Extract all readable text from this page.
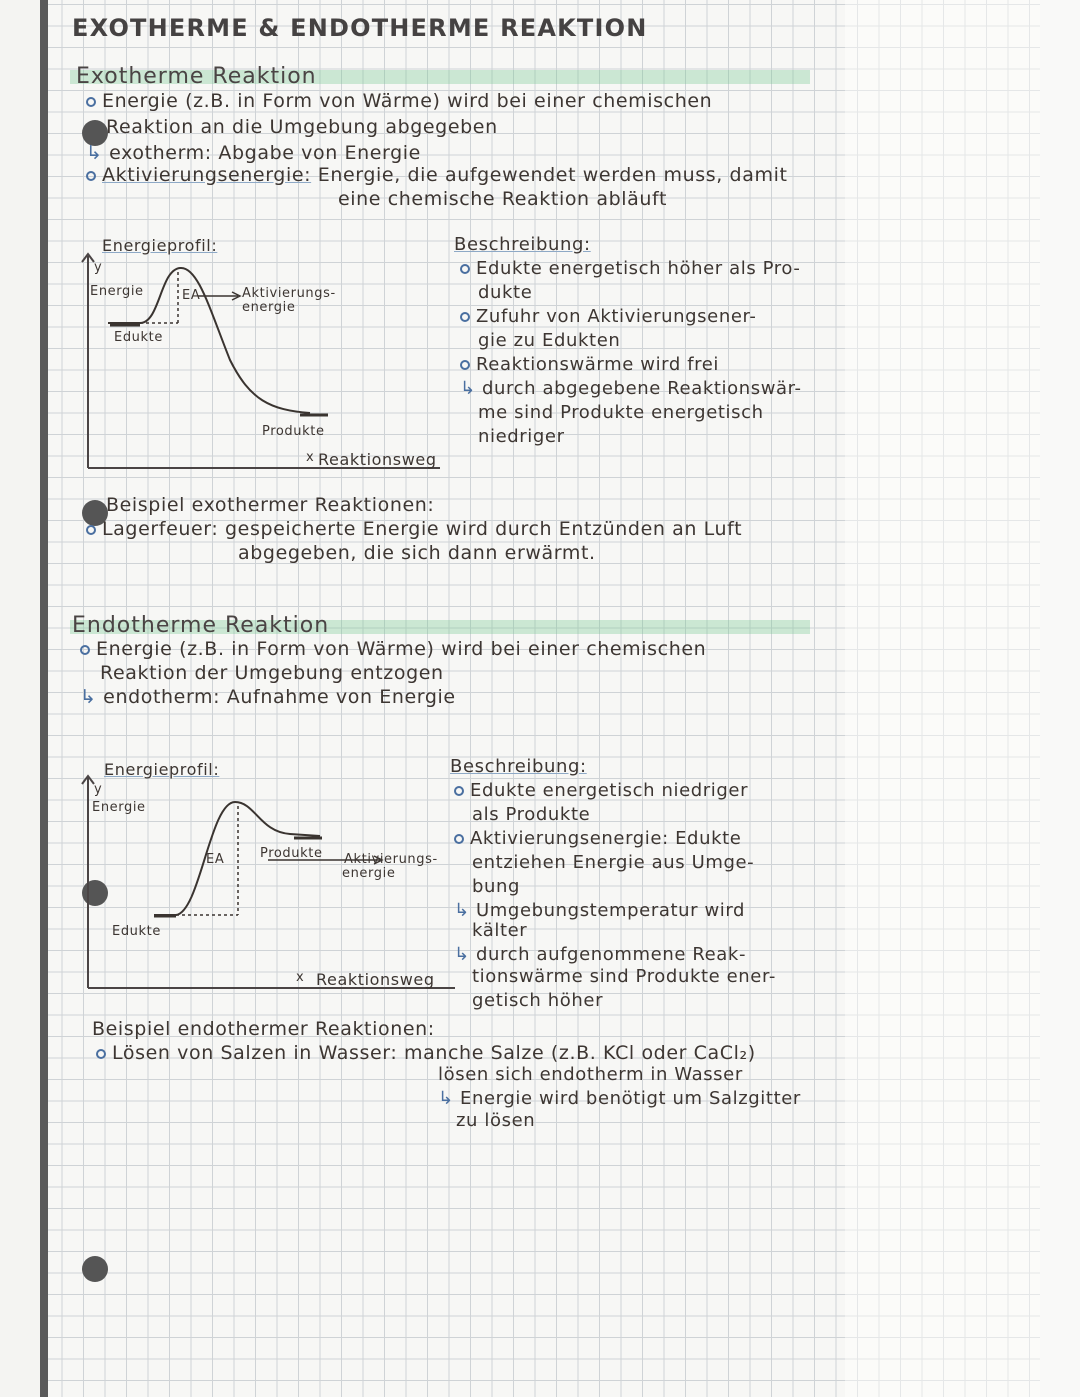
EXOTHERME & ENDOTHERME REAKTION
Exotherme Reaktion
Energie (z.B. in Form von Wärme) wird bei einer chemischen
Reaktion an die Umgebung abgegeben
↳ exotherm: Abgabe von Energie
Aktivierungsenergie: Energie, die aufgewendet werden muss, damit
eine chemische Reaktion abläuft
Energieprofil:
y
Energie	EA	Aktivierungs-
energie
Edukte
Produkte
x Reaktionsweg
Beschreibung:
Edukte energetisch höher als Pro-
dukte
Zufuhr von Aktivierungsener-
gie zu Edukten
Reaktionswärme wird frei
↳ durch abgegebene Reaktionswär-
me sind Produkte energetisch
niedriger
Beispiel exothermer Reaktionen:
Lagerfeuer: gespeicherte Energie wird durch Entzünden an Luft
abgegeben, die sich dann erwärmt.
Endotherme Reaktion
Energie (z.B. in Form von Wärme) wird bei einer chemischen
Reaktion der Umgebung entzogen
↳ endotherm: Aufnahme von Energie
Energieprofil:
y
Energie
EA	Produkte Aktivierungs-
energie
Edukte
x Reaktionsweg
Beschreibung:
Edukte energetisch niedriger
als Produkte
Aktivierungsenergie: Edukte
entziehen Energie aus Umge-
bung
↳ Umgebungstemperatur wird
kälter
↳ durch aufgenommene Reak-
tionswärme sind Produkte ener-
getisch höher
Beispiel endothermer Reaktionen:
Lösen von Salzen in Wasser: manche Salze (z.B. KCl oder CaCl₂)
lösen sich endotherm in Wasser
↳ Energie wird benötigt um Salzgitter
zu lösen
